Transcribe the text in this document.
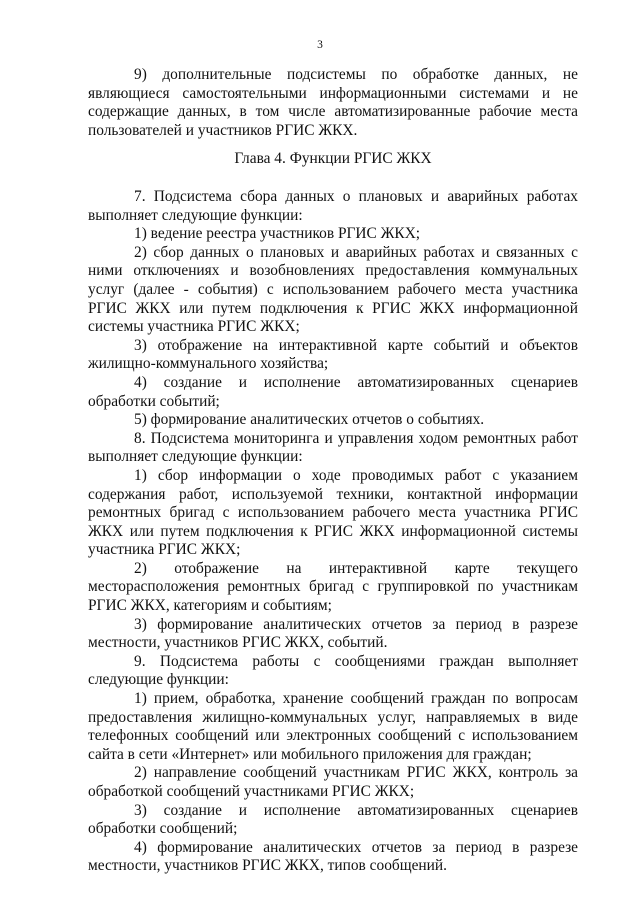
3

9) дополнительные подсистемы по обработке данных, не являющиеся самостоятельными информационными системами и не содержащие данных, в том числе автоматизированные рабочие места пользователей и участников РГИС ЖКХ.

Глава 4. Функции РГИС ЖКХ

7. Подсистема сбора данных о плановых и аварийных работах выполняет следующие функции:

1) ведение реестра участников РГИС ЖКХ;

2) сбор данных о плановых и аварийных работах и связанных с ними отключениях и возобновлениях предоставления коммунальных услуг (далее - события) с использованием рабочего места участника РГИС ЖКХ или путем подключения к РГИС ЖКХ информационной системы участника РГИС ЖКХ;

3) отображение на интерактивной карте событий и объектов жилищно-коммунального хозяйства;

4) создание и исполнение автоматизированных сценариев обработки событий;

5) формирование аналитических отчетов о событиях.

8. Подсистема мониторинга и управления ходом ремонтных работ выполняет следующие функции:

1) сбор информации о ходе проводимых работ с указанием содержания работ, используемой техники, контактной информации ремонтных бригад с использованием рабочего места участника РГИС ЖКХ или путем подключения к РГИС ЖКХ информационной системы участника РГИС ЖКХ;

2) отображение на интерактивной карте текущего месторасположения ремонтных бригад с группировкой по участникам РГИС ЖКХ, категориям и событиям;

3) формирование аналитических отчетов за период в разрезе местности, участников РГИС ЖКХ, событий.

9. Подсистема работы с сообщениями граждан выполняет следующие функции:

1) прием, обработка, хранение сообщений граждан по вопросам предоставления жилищно-коммунальных услуг, направляемых в виде телефонных сообщений или электронных сообщений с использованием сайта в сети «Интернет» или мобильного приложения для граждан;

2) направление сообщений участникам РГИС ЖКХ, контроль за обработкой сообщений участниками РГИС ЖКХ;

3) создание и исполнение автоматизированных сценариев обработки сообщений;

4) формирование аналитических отчетов за период в разрезе местности, участников РГИС ЖКХ, типов сообщений.
